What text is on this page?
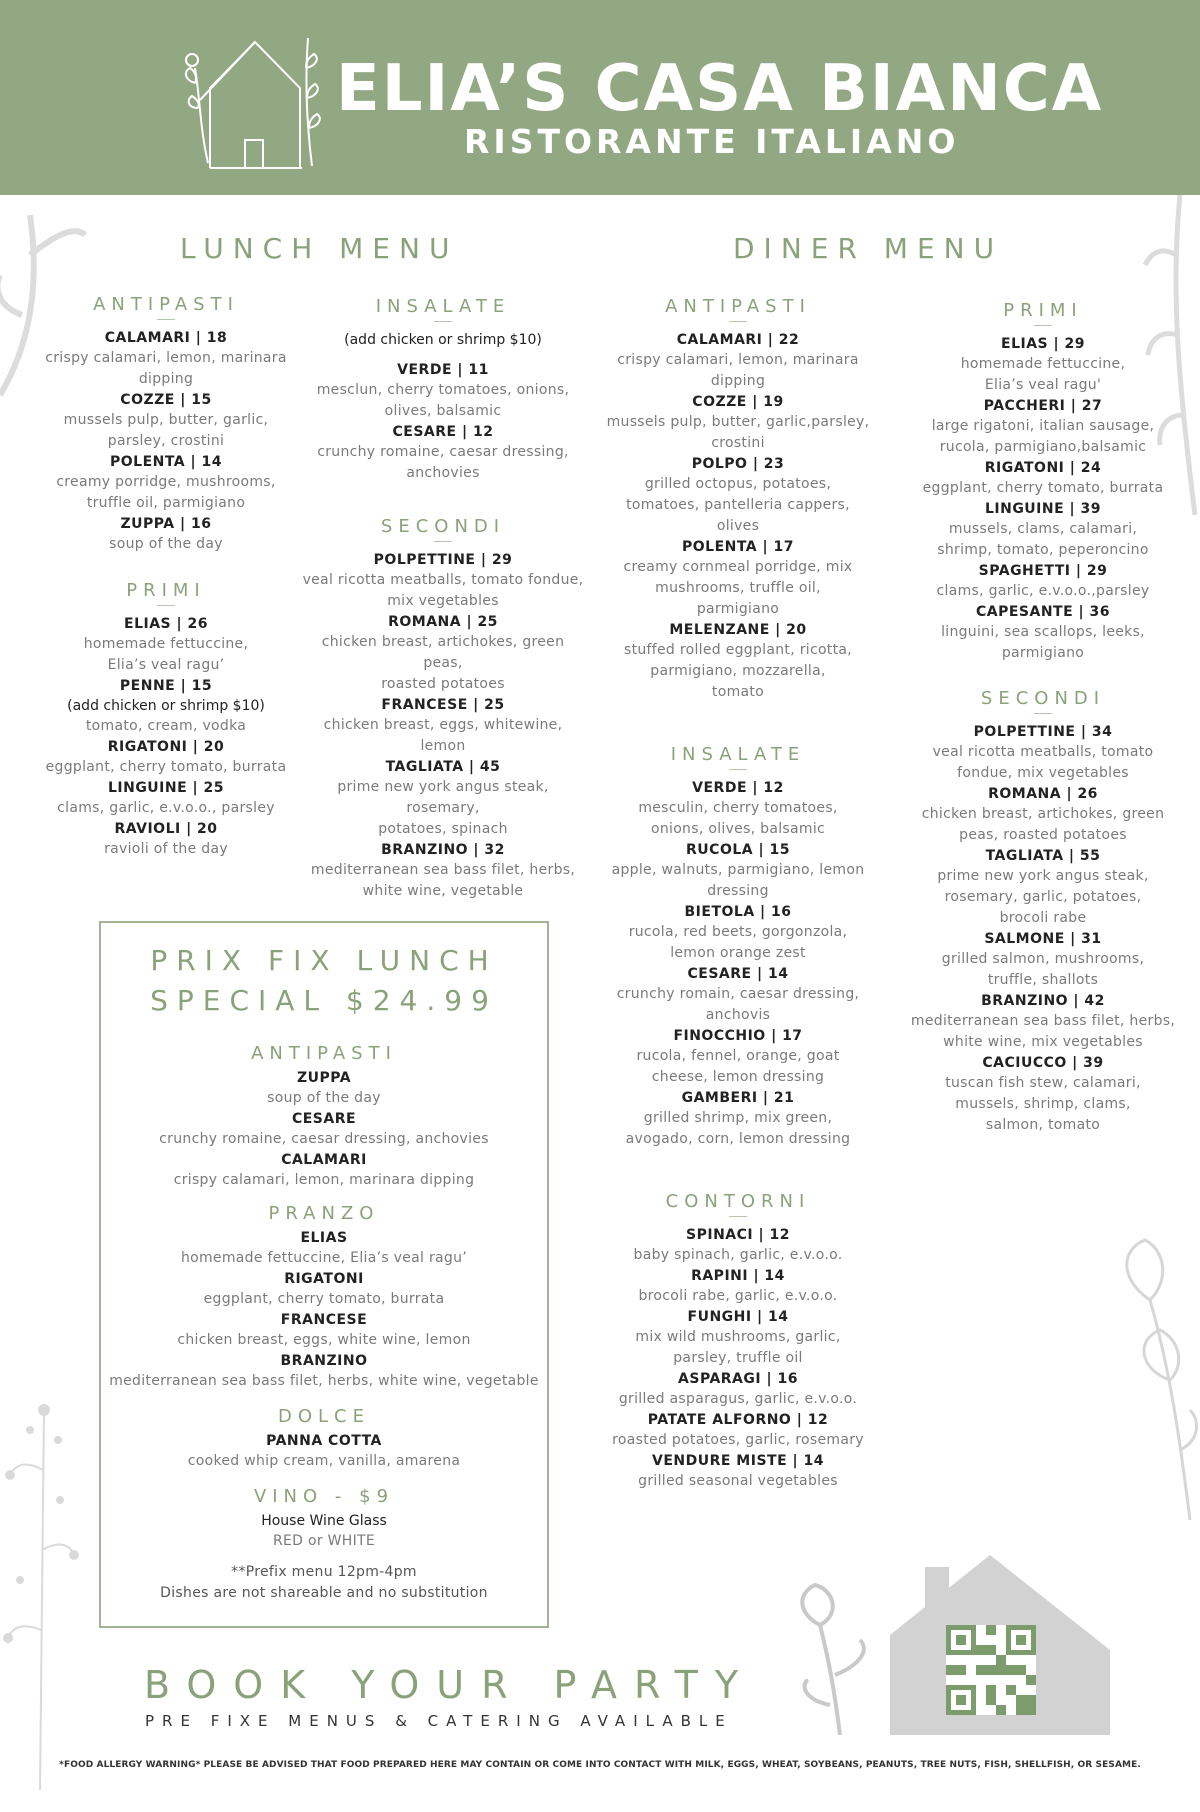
ELIA’S CASA BIANCA
RISTORANTE ITALIANO
LUNCH MENU
ANTIPASTI
CALAMARI | 18
crispy calamari, lemon, marinara
dipping
COZZE | 15
mussels pulp, butter, garlic,
parsley, crostini
POLENTA | 14
creamy porridge, mushrooms,
truffle oil, parmigiano
ZUPPA | 16
soup of the day
PRIMI
ELIAS | 26
homemade fettuccine,
Elia’s veal ragu’
PENNE | 15
(add chicken or shrimp $10)
tomato, cream, vodka
RIGATONI | 20
eggplant, cherry tomato, burrata
LINGUINE | 25
clams, garlic, e.v.o.o., parsley
RAVIOLI | 20
ravioli of the day
INSALATE
(add chicken or shrimp $10)
VERDE | 11
mesclun, cherry tomatoes, onions,
olives, balsamic
CESARE | 12
crunchy romaine, caesar dressing,
anchovies
SECONDI
POLPETTINE | 29
veal ricotta meatballs, tomato fondue,
mix vegetables
ROMANA | 25
chicken breast, artichokes, green peas,
roasted potatoes
FRANCESE | 25
chicken breast, eggs, whitewine, lemon
TAGLIATA | 45
prime new york angus steak, rosemary,
potatoes, spinach
BRANZINO | 32
mediterranean sea bass filet, herbs,
white wine, vegetable
PRIX FIX LUNCH
SPECIAL $24.99
ANTIPASTI
ZUPPA
soup of the day
CESARE
crunchy romaine, caesar dressing, anchovies
CALAMARI
crispy calamari, lemon, marinara dipping
PRANZO
ELIAS
homemade fettuccine, Elia’s veal ragu’
RIGATONI
eggplant, cherry tomato, burrata
FRANCESE
chicken breast, eggs, white wine, lemon
BRANZINO
mediterranean sea bass filet, herbs, white wine, vegetable
DOLCE
PANNA COTTA
cooked whip cream, vanilla, amarena
VINO - $9
House Wine Glass
RED or WHITE
**Prefix menu 12pm-4pm
Dishes are not shareable and no substitution
DINER MENU
ANTIPASTI
CALAMARI | 22
crispy calamari, lemon, marinara
dipping
COZZE | 19
mussels pulp, butter, garlic,parsley,
crostini
POLPO | 23
grilled octopus, potatoes,
tomatoes, pantelleria cappers,
olives
POLENTA | 17
creamy cornmeal porridge, mix
mushrooms, truffle oil,
parmigiano
MELENZANE | 20
stuffed rolled eggplant, ricotta,
parmigiano, mozzarella,
tomato
INSALATE
VERDE | 12
mesculin, cherry tomatoes,
onions, olives, balsamic
RUCOLA | 15
apple, walnuts, parmigiano, lemon
dressing
BIETOLA | 16
rucola, red beets, gorgonzola,
lemon orange zest
CESARE | 14
crunchy romain, caesar dressing,
anchovis
FINOCCHIO | 17
rucola, fennel, orange, goat
cheese, lemon dressing
GAMBERI | 21
grilled shrimp, mix green,
avogado, corn, lemon dressing
CONTORNI
SPINACI | 12
baby spinach, garlic, e.v.o.o.
RAPINI | 14
brocoli rabe, garlic, e.v.o.o.
FUNGHI | 14
mix wild mushrooms, garlic,
parsley, truffle oil
ASPARAGI | 16
grilled asparagus, garlic, e.v.o.o.
PATATE ALFORNO | 12
roasted potatoes, garlic, rosemary
VENDURE MISTE | 14
grilled seasonal vegetables
PRIMI
ELIAS | 29
homemade fettuccine,
Elia’s veal ragu'
PACCHERI | 27
large rigatoni, italian sausage,
rucola, parmigiano,balsamic
RIGATONI | 24
eggplant, cherry tomato, burrata
LINGUINE | 39
mussels, clams, calamari,
shrimp, tomato, peperoncino
SPAGHETTI | 29
clams, garlic, e.v.o.o.,parsley
CAPESANTE | 36
linguini, sea scallops, leeks,
parmigiano
SECONDI
POLPETTINE | 34
veal ricotta meatballs, tomato
fondue, mix vegetables
ROMANA | 26
chicken breast, artichokes, green
peas, roasted potatoes
TAGLIATA | 55
prime new york angus steak,
rosemary, garlic, potatoes,
brocoli rabe
SALMONE | 31
grilled salmon, mushrooms,
truffle, shallots
BRANZINO | 42
mediterranean sea bass filet, herbs,
white wine, mix vegetables
CACIUCCO | 39
tuscan fish stew, calamari,
mussels, shrimp, clams,
salmon, tomato
BOOK YOUR PARTY
PRE FIXE MENUS & CATERING AVAILABLE
*FOOD ALLERGY WARNING* PLEASE BE ADVISED THAT FOOD PREPARED HERE MAY CONTAIN OR COME INTO CONTACT WITH MILK, EGGS, WHEAT, SOYBEANS, PEANUTS, TREE NUTS, FISH, SHELLFISH, OR SESAME.
